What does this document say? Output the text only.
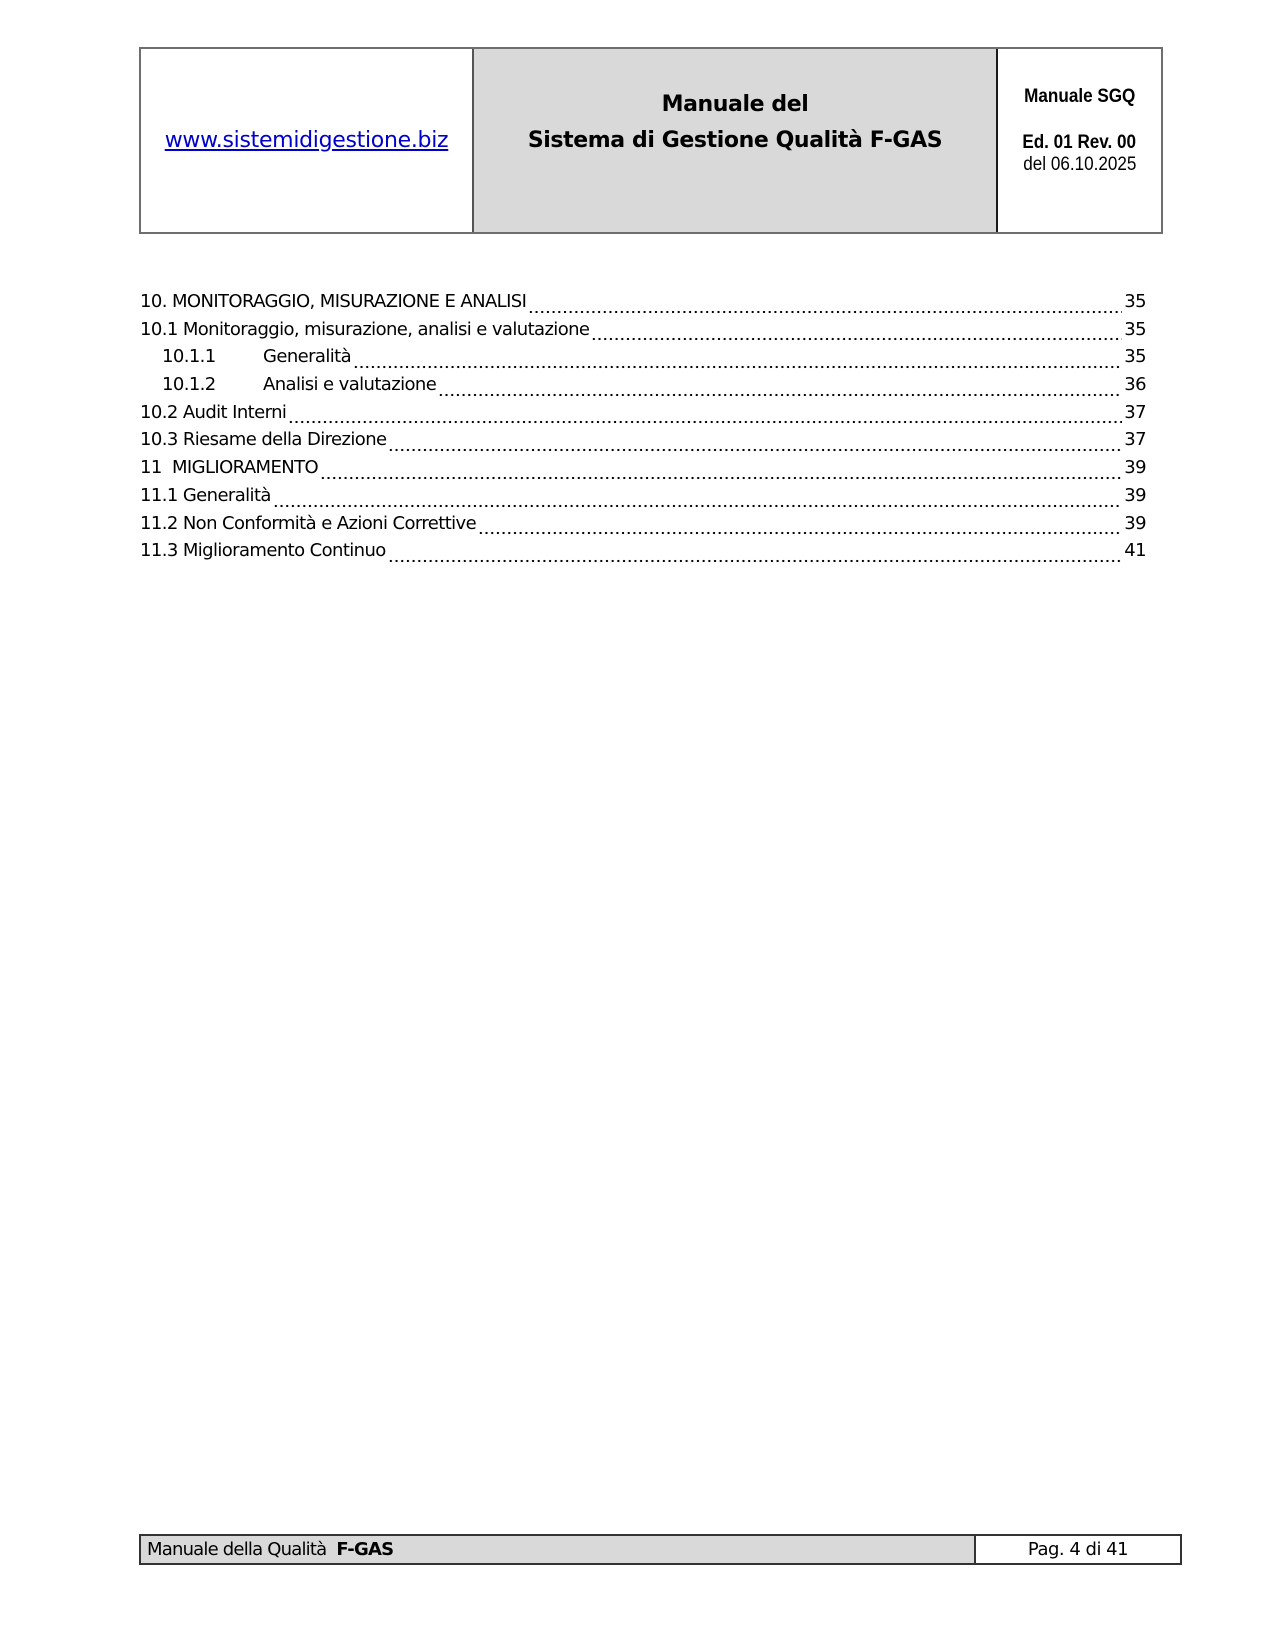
www.sistemidigestione.biz
Manuale del
Sistema di Gestione Qualità F-GAS
Manuale SGQ
Ed. 01 Rev. 00
del 06.10.2025
10. MONITORAGGIO, MISURAZIONE E ANALISI	35
10.1 Monitoraggio, misurazione, analisi e valutazione	35
10.1.1	Generalità	35
10.1.2	Analisi e valutazione	36
10.2 Audit Interni	37
10.3 Riesame della Direzione	37
11 MIGLIORAMENTO	39
11.1 Generalità	39
11.2 Non Conformità e Azioni Correttive	39
11.3 Miglioramento Continuo	41
Manuale della Qualità F-GAS	Pag. 4 di 41
